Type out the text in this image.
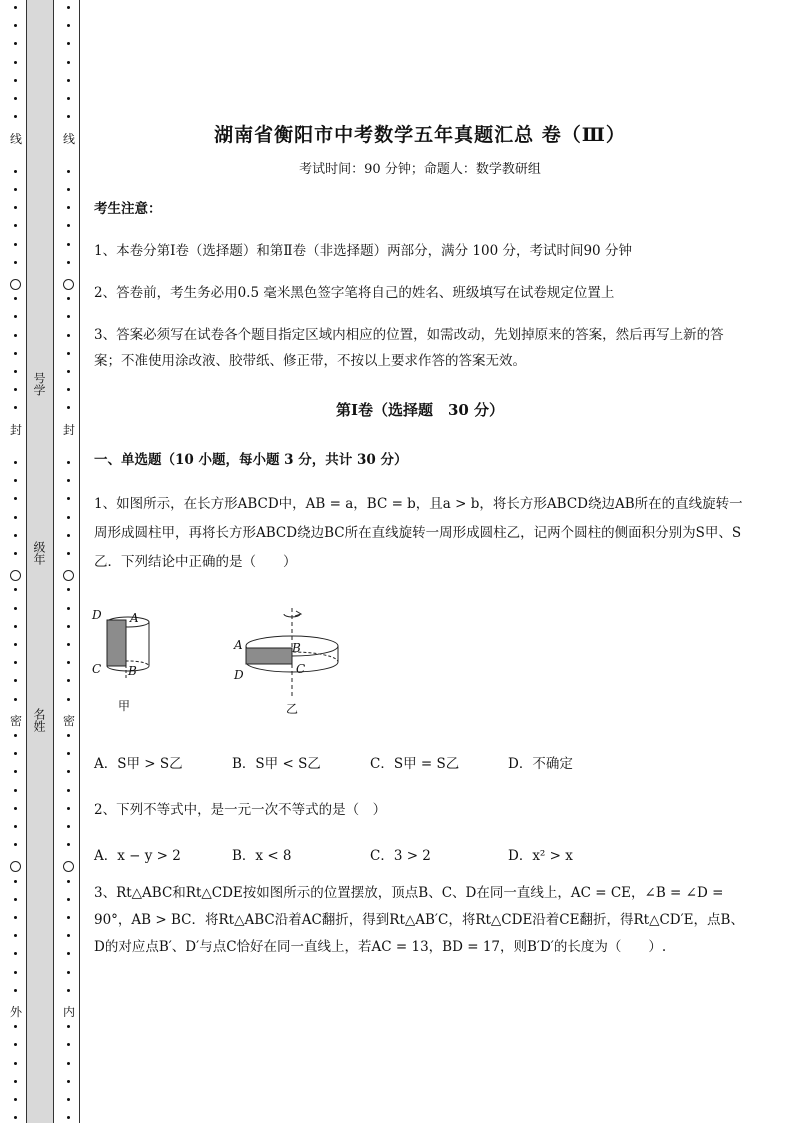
线
封
密
外
线
封
密
内
号学
级年
名姓
湖南省衡阳市中考数学五年真题汇总 卷（Ⅲ）
考试时间：90 分钟；命题人：数学教研组
考生注意：
1、本卷分第Ⅰ卷（选择题）和第Ⅱ卷（非选择题）两部分，满分 100 分，考试时间90 分钟
2、答卷前，考生务必用0.5 毫米黑色签字笔将自己的姓名、班级填写在试卷规定位置上
3、答案必须写在试卷各个题目指定区域内相应的位置，如需改动，先划掉原来的答案，然后再写上新的答案；不准使用涂改液、胶带纸、修正带，不按以上要求作答的答案无效。
第Ⅰ卷（选择题　30 分）
一、单选题（10 小题，每小题 3 分，共计 30 分）
1、如图所示，在长方形ABCD中，AB = a，BC = b，且a > b，将长方形ABCD绕边AB所在的直线旋转一周形成圆柱甲，再将长方形ABCD绕边BC所在直线旋转一周形成圆柱乙，记两个圆柱的侧面积分别为S甲、S乙．下列结论中正确的是（　　）
D A
C B
甲
A	B
D	C
乙
A．S甲 > S乙	B．S甲 < S乙	C．S甲 = S乙	D．不确定
2、下列不等式中，是一元一次不等式的是（　）
A．x − y > 2	B．x < 8	C．3 > 2	D．x² > x
3、Rt△ABC和Rt△CDE按如图所示的位置摆放，顶点B、C、D在同一直线上，AC = CE，∠B = ∠D = 90°，AB > BC．将Rt△ABC沿着AC翻折，得到Rt△AB′C，将Rt△CDE沿着CE翻折，得Rt△CD′E，点B、D的对应点B′、D′与点C恰好在同一直线上，若AC = 13，BD = 17，则B′D′的长度为（　　）.
